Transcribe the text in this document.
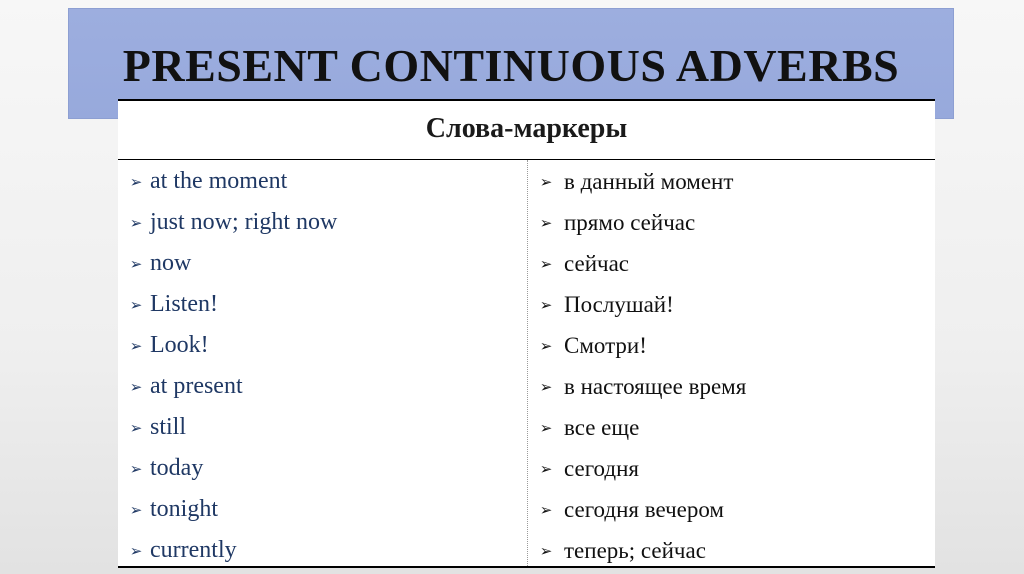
PRESENT CONTINUOUS ADVERBS
Слова-маркеры
➢ at the moment
➢ just now; right now
➢ now
➢ Listen!
➢ Look!
➢ at present
➢ still
➢ today
➢ tonight
➢ currently
➢ в данный момент
➢ прямо сейчас
➢ сейчас
➢ Послушай!
➢ Смотри!
➢ в настоящее время
➢ все еще
➢ сегодня
➢ сегодня вечером
➢ теперь; сейчас
